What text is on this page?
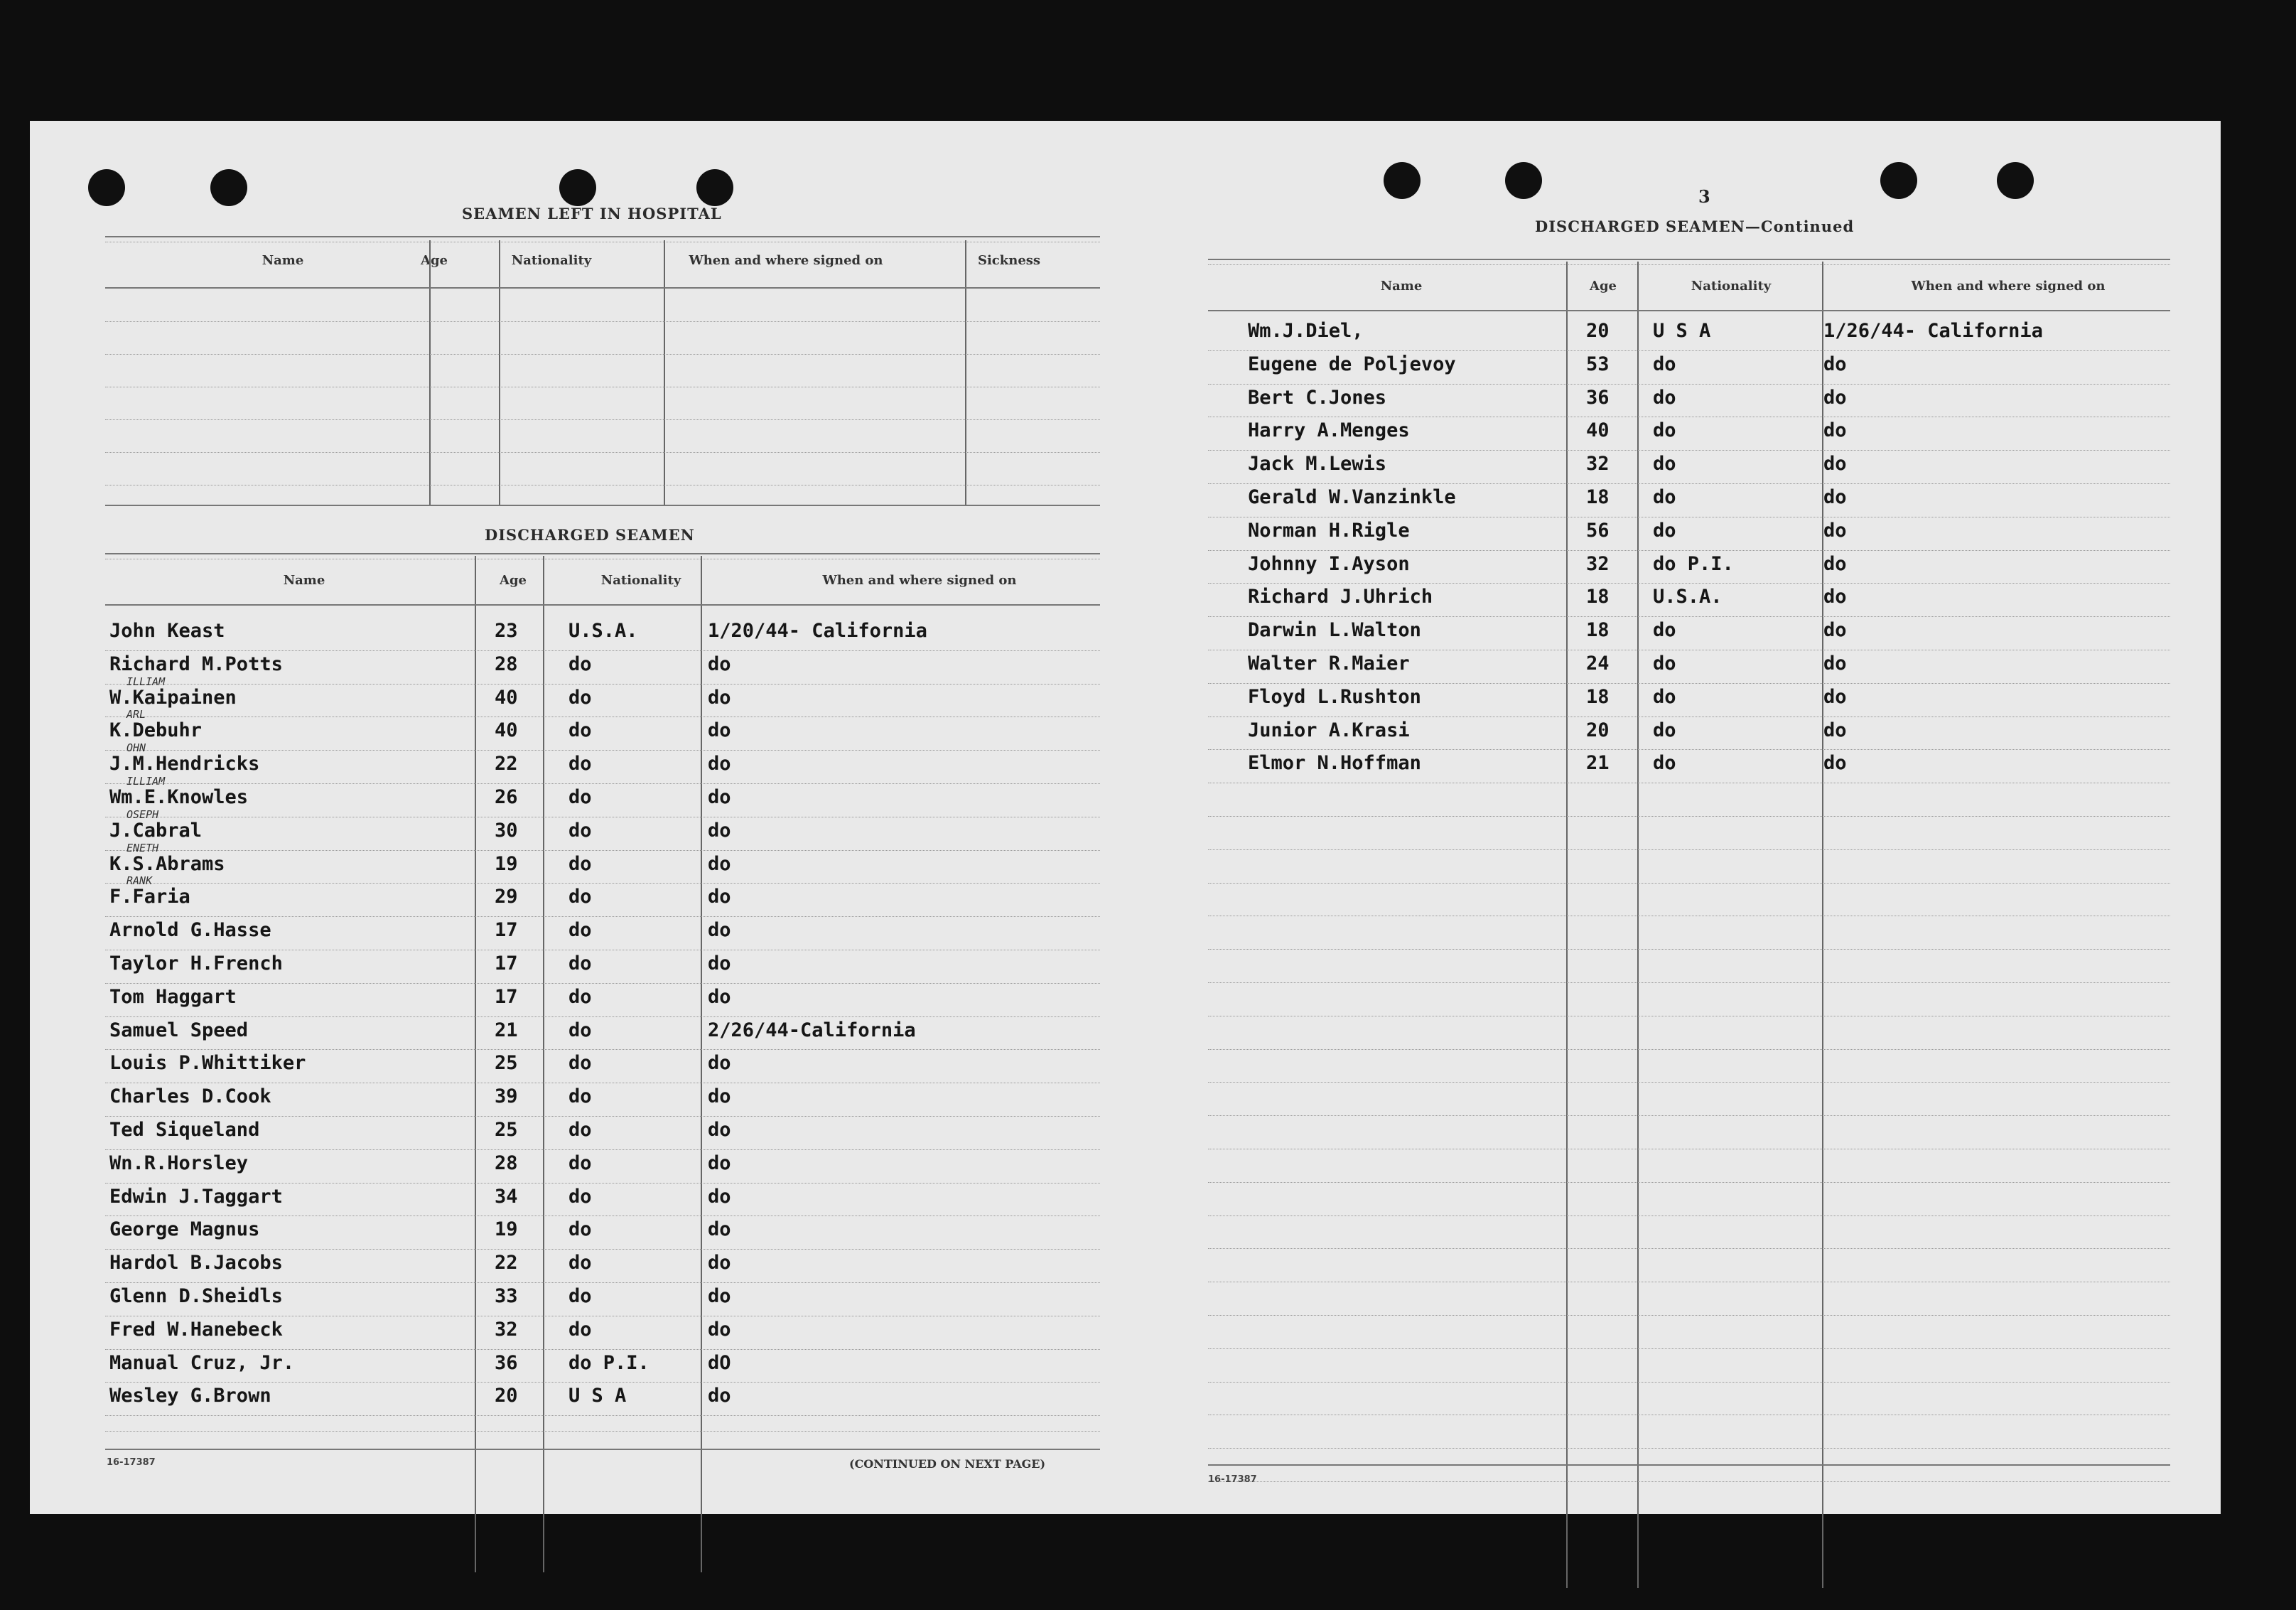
SEAMEN LEFT IN HOSPITAL
Name	Age	Nationality	When and where signed on	Sickness
DISCHARGED SEAMEN
Name	Age	Nationality	When and where signed on
John Keast	23	U.S.A.	1/20/44- California
Richard M.Potts	28	do	do
W.Kaipainen	40	do	do
K.Debuhr	40	do	do
J.M.Hendricks	22	do	do
Wm.E.Knowles	26	do	do
J.Cabral	30	do	do
K.S.Abrams	19	do	do
F.Faria	29	do	do
Arnold G.Hasse	17	do	do
Taylor H.French	17	do	do
Tom Haggart	17	do	do
Samuel Speed	21	do	2/26/44-California
Louis P.Whittiker	25	do	do
Charles D.Cook	39	do	do
Ted Siqueland	25	do	do
Wn.R.Horsley	28	do	do
Edwin J.Taggart	34	do	do
George Magnus	19	do	do
Hardol B.Jacobs	22	do	do
Glenn D.Sheidls	33	do	do
Fred W.Hanebeck	32	do	do
Manual Cruz, Jr.	36	do P.I.	dO
Wesley G.Brown	20	U S A	do
ILLIAM
ARL
OHN
ILLIAM
OSEPH
ENETH
RANK
16-17387	(CONTINUED ON NEXT PAGE)
3
DISCHARGED SEAMEN—Continued
Name	Age	Nationality	When and where signed on
Wm.J.Diel,	20 U S A	1/26/44- California
Eugene de Poljevoy	53 do	do
Bert C.Jones	36 do	do
Harry A.Menges	40 do	do
Jack M.Lewis	32 do	do
Gerald W.Vanzinkle	18 do	do
Norman H.Rigle	56 do	do
Johnny I.Ayson	32 do P.I.	do
Richard J.Uhrich	18 U.S.A.	do
Darwin L.Walton	18 do	do
Walter R.Maier	24 do	do
Floyd L.Rushton	18 do	do
Junior A.Krasi	20 do	do
Elmor N.Hoffman	21 do	do
16-17387
